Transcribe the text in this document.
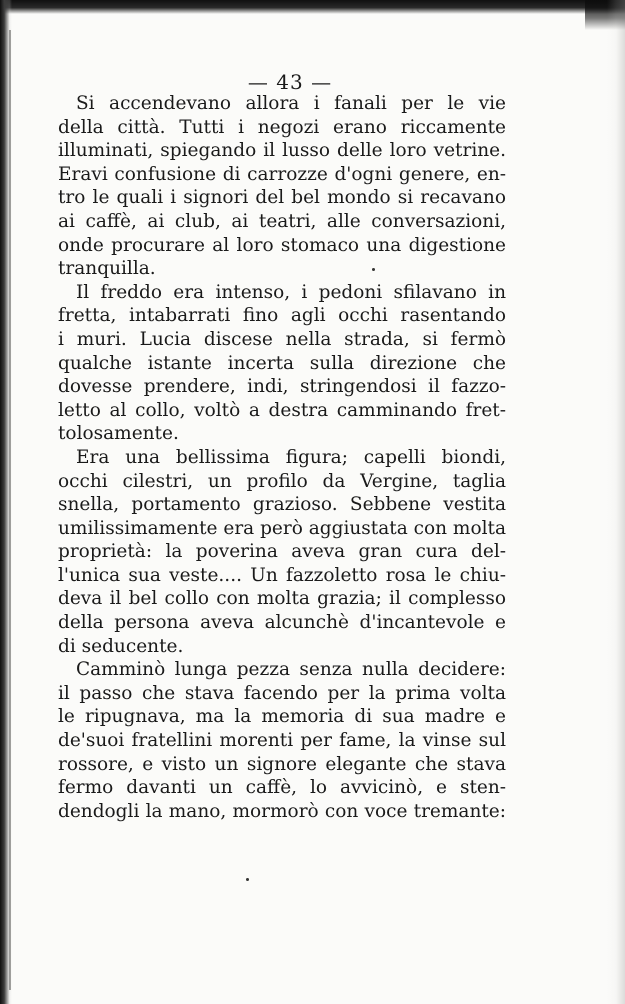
— 43 —
Si accendevano allora i fanali per le vie
della città. Tutti i negozi erano riccamente
illuminati, spiegando il lusso delle loro vetrine.
Eravi confusione di carrozze d'ogni genere, en-
tro le quali i signori del bel mondo si recavano
ai caffè, ai club, ai teatri, alle conversazioni,
onde procurare al loro stomaco una digestione
tranquilla.
Il freddo era intenso, i pedoni sfilavano in
fretta, intabarrati fino agli occhi rasentando
i muri. Lucia discese nella strada, si fermò
qualche istante incerta sulla direzione che
dovesse prendere, indi, stringendosi il fazzo-
letto al collo, voltò a destra camminando fret-
tolosamente.
Era una bellissima figura; capelli biondi,
occhi cilestri, un profilo da Vergine, taglia
snella, portamento grazioso. Sebbene vestita
umilissimamente era però aggiustata con molta
proprietà: la poverina aveva gran cura del-
l'unica sua veste.... Un fazzoletto rosa le chiu-
deva il bel collo con molta grazia; il complesso
della persona aveva alcunchè d'incantevole e
di seducente.
Camminò lunga pezza senza nulla decidere:
il passo che stava facendo per la prima volta
le ripugnava, ma la memoria di sua madre e
de'suoi fratellini morenti per fame, la vinse sul
rossore, e visto un signore elegante che stava
fermo davanti un caffè, lo avvicinò, e sten-
dendogli la mano, mormorò con voce tremante:
